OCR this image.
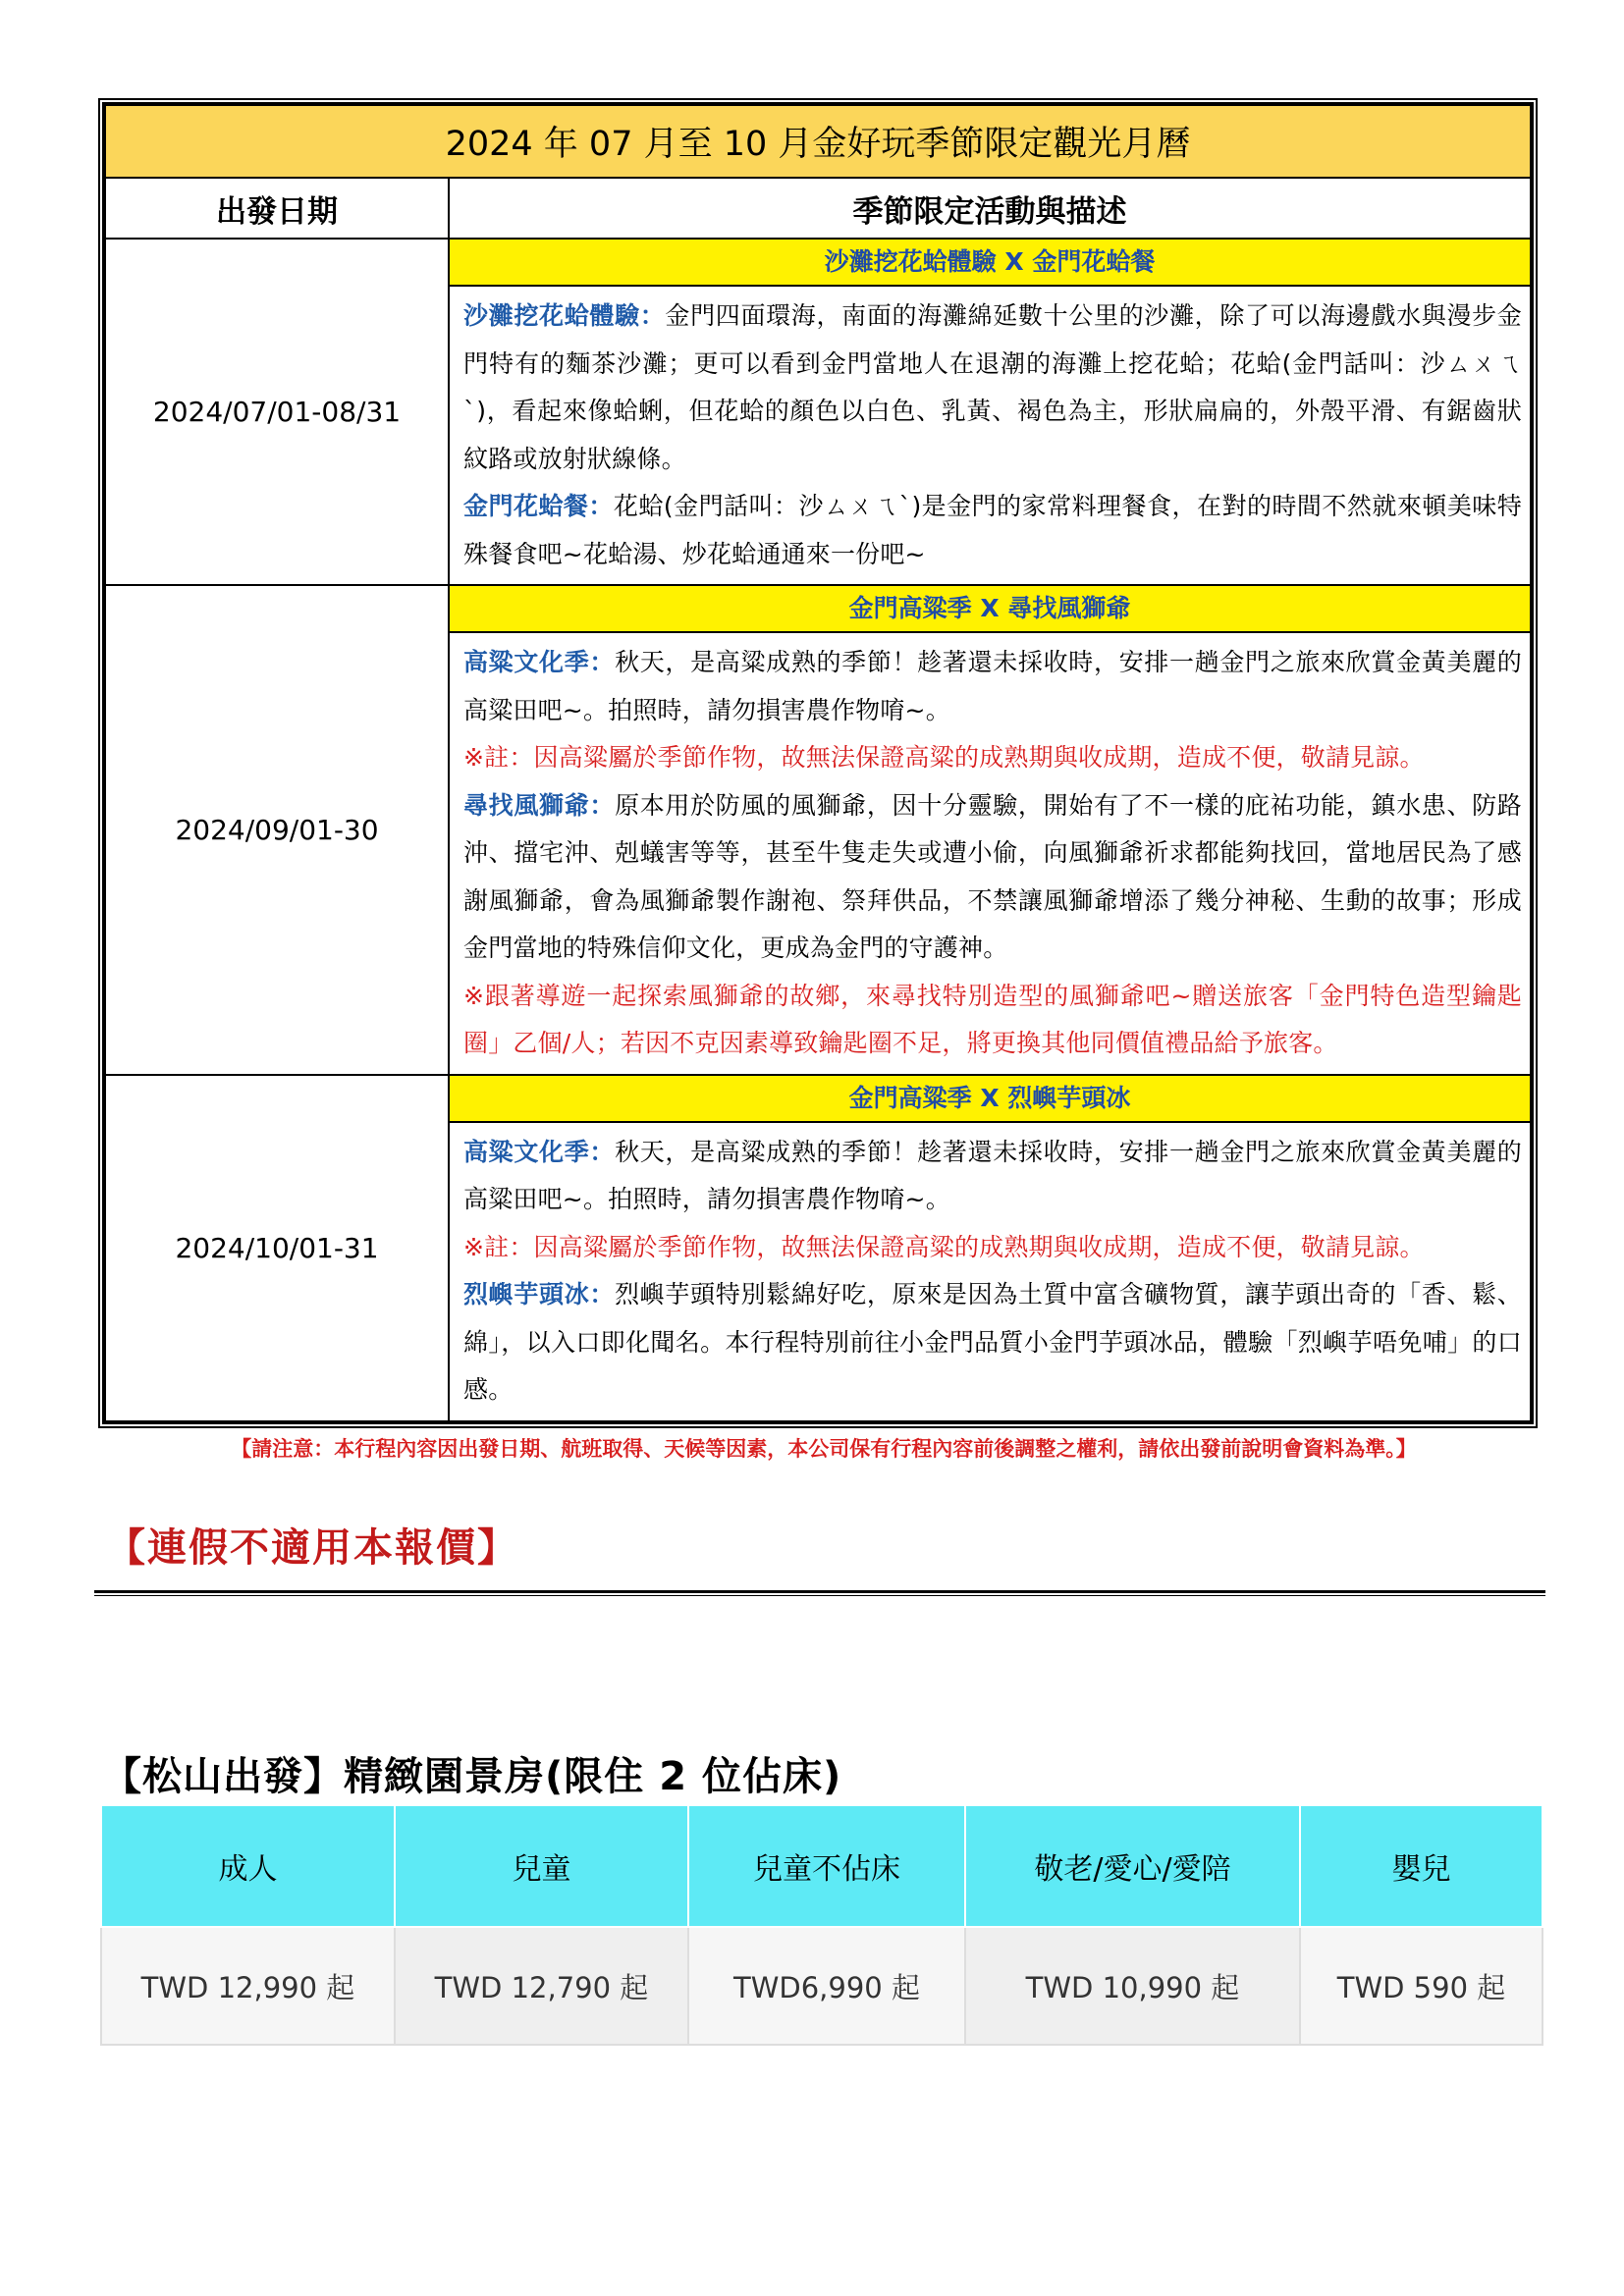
2024 年 07 月至 10 月金好玩季節限定觀光月曆	
出發日期	季節限定活動與描述
2024/07/01-08/31	沙灘挖花蛤體驗 X 金門花蛤餐
沙灘挖花蛤體驗：金門四面環海，南面的海灘綿延數十公里的沙灘，除了可以海邊戲水與漫步金門特有的麵茶沙灘；更可以看到金門當地人在退潮的海灘上挖花蛤；花蛤(金門話叫：沙ㄙㄨㄟˋ)，看起來像蛤蜊，但花蛤的顏色以白色、乳黃、褐色為主，形狀扁扁的，外殼平滑、有鋸齒狀紋路或放射狀線條。
金門花蛤餐：花蛤(金門話叫：沙ㄙㄨㄟˋ)是金門的家常料理餐食，在對的時間不然就來頓美味特殊餐食吧~花蛤湯、炒花蛤通通來一份吧~

2024/09/01-30	金門高粱季 X 尋找風獅爺
高粱文化季：秋天，是高粱成熟的季節！趁著還未採收時，安排一趟金門之旅來欣賞金黃美麗的高粱田吧~。拍照時，請勿損害農作物唷~。
※註：因高粱屬於季節作物，故無法保證高粱的成熟期與收成期，造成不便，敬請見諒。
尋找風獅爺：原本用於防風的風獅爺，因十分靈驗，開始有了不一樣的庇祐功能，鎮水患、防路沖、擋宅沖、剋蟻害等等，甚至牛隻走失或遭小偷，向風獅爺祈求都能夠找回，當地居民為了感謝風獅爺，會為風獅爺製作謝袍、祭拜供品，不禁讓風獅爺增添了幾分神秘、生動的故事；形成金門當地的特殊信仰文化，更成為金門的守護神。
※跟著導遊一起探索風獅爺的故鄉，來尋找特別造型的風獅爺吧~贈送旅客「金門特色造型鑰匙圈」乙個/人；若因不克因素導致鑰匙圈不足，將更換其他同價值禮品給予旅客。

2024/10/01-31	金門高粱季 X 烈嶼芋頭冰
高粱文化季：秋天，是高粱成熟的季節！趁著還未採收時，安排一趟金門之旅來欣賞金黃美麗的高粱田吧~。拍照時，請勿損害農作物唷~。
※註：因高粱屬於季節作物，故無法保證高粱的成熟期與收成期，造成不便，敬請見諒。
烈嶼芋頭冰：烈嶼芋頭特別鬆綿好吃，原來是因為土質中富含礦物質，讓芋頭出奇的「香、鬆、綿」，以入口即化聞名。本行程特別前往小金門品質小金門芋頭冰品，體驗「烈嶼芋唔免哺」的口感。
【請注意：本行程內容因出發日期、航班取得、天候等因素，本公司保有行程內容前後調整之權利，請依出發前說明會資料為準。】
【連假不適用本報價】
【松山出發】精緻園景房(限住 2 位佔床)
成人	兒童	兒童不佔床	敬老/愛心/愛陪	嬰兒
TWD 12,990 起	TWD 12,790 起	TWD6,990 起	TWD 10,990 起	TWD 590 起
